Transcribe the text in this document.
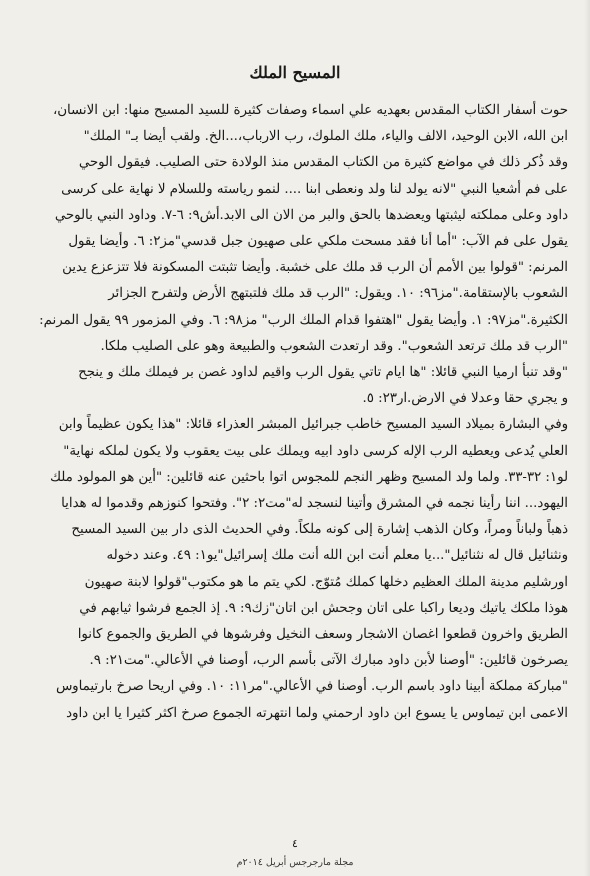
المسيح الملك

حوت أسفار الكتاب المقدس بعهديه علي اسماء وصفات كثيرة للسيد المسيح منها: ابن الانسان،
ابن الله، الابن الوحيد، الالف والياء، ملك الملوك، رب الارباب،...الخ. ولقب أيضا بـ" الملك"
وقد ذُكر ذلك في مواضع كثيرة من الكتاب المقدس منذ الولادة حتى الصليب. فيقول الوحي
على فم أشعيا النبي "لانه يولد لنا ولد ونعطى ابنا .... لنمو رياسته وللسلام لا نهاية على كرسى
داود وعلى مملكته ليثبتها ويعضدها بالحق والبر من الان الى الابد.أش٩: ٦-٧. وداود النبي بالوحي
يقول على فم الآب: "أما أنا فقد مسحت ملكي على صهيون جبل قدسي"مز٢: ٦. وأيضا يقول
المرنم: "قولوا بين الأمم أن الرب قد ملك على خشبة. وأيضا تثبتت المسكونة فلا تتزعزع يدين
الشعوب بالإستقامة."مز٩٦: ١٠. ويقول: "الرب قد ملك فلتبتهج الأرض ولتفرح الجزائر
الكثيرة."مز٩٧: ١. وأيضا يقول "اهتفوا قدام الملك الرب" مز٩٨: ٦. وفي المزمور ٩٩ يقول المرنم:
"الرب قد ملك ترتعد الشعوب". وقد ارتعدت الشعوب والطبيعة وهو على الصليب ملكا.
"وقد تنبأ ارميا النبي قائلا: "ها ايام تاتي يقول الرب واقيم لداود غصن بر فيملك ملك و ينجح
و يجري حقا وعدلا في الارض.ار٢٣: ٥.

وفي البشارة بميلاد السيد المسيح خاطب جبرائيل المبشر العذراء قائلا: "هذا يكون عظيماً وابن
العلي يُدعى ويعطيه الرب الإله كرسى داود ابيه ويملك على بيت يعقوب ولا يكون لملكه نهاية"
لو١: ٣٢-٣٣. ولما ولد المسيح وظهر النجم للمجوس اتوا باحثين عنه قائلين: "أين هو المولود ملك
اليهود... اننا رأينا نجمه في المشرق وأتينا لنسجد له"مت٢: ٢". وفتحوا كنوزهم وقدموا له هدايا
ذهباً ولباناً ومراً، وكان الذهب إشارة إلى كونه ملكاً. وفي الحديث الذى دار بين السيد المسيح
ونثنائيل قال له نثنائيل"...يا معلم أنت ابن الله أنت ملك إسرائيل"يو١: ٤٩. وعند دخوله
اورشليم مدينة الملك العظيم دخلها كملك مُتوّج. لكي يتم ما هو مكتوب"قولوا لابنة صهيون
هوذا ملكك ياتيك وديعا راكبا على اتان وجحش ابن اتان"زك٩: ٩. إذ الجمع فرشوا ثيابهم في
الطريق واخرون قطعوا اغصان الاشجار وسعف النخيل وفرشوها في الطريق والجموع كانوا
يصرخون قائلين: "أوصنا لأبن داود مبارك الآتى بأسم الرب، أوصنا في الأعالي."مت٢١: ٩.
"مباركة مملكة أبينا داود باسم الرب. أوصنا في الأعالي."مر١١: ١٠. وفي اريحا صرخ بارتيماوس
الاعمى ابن تيماوس يا يسوع ابن داود ارحمني ولما انتهرته الجموع صرخ اكثر كثيرا يا ابن داود

٤
مجلة مارجرجس أبريل ٢٠١٤م
